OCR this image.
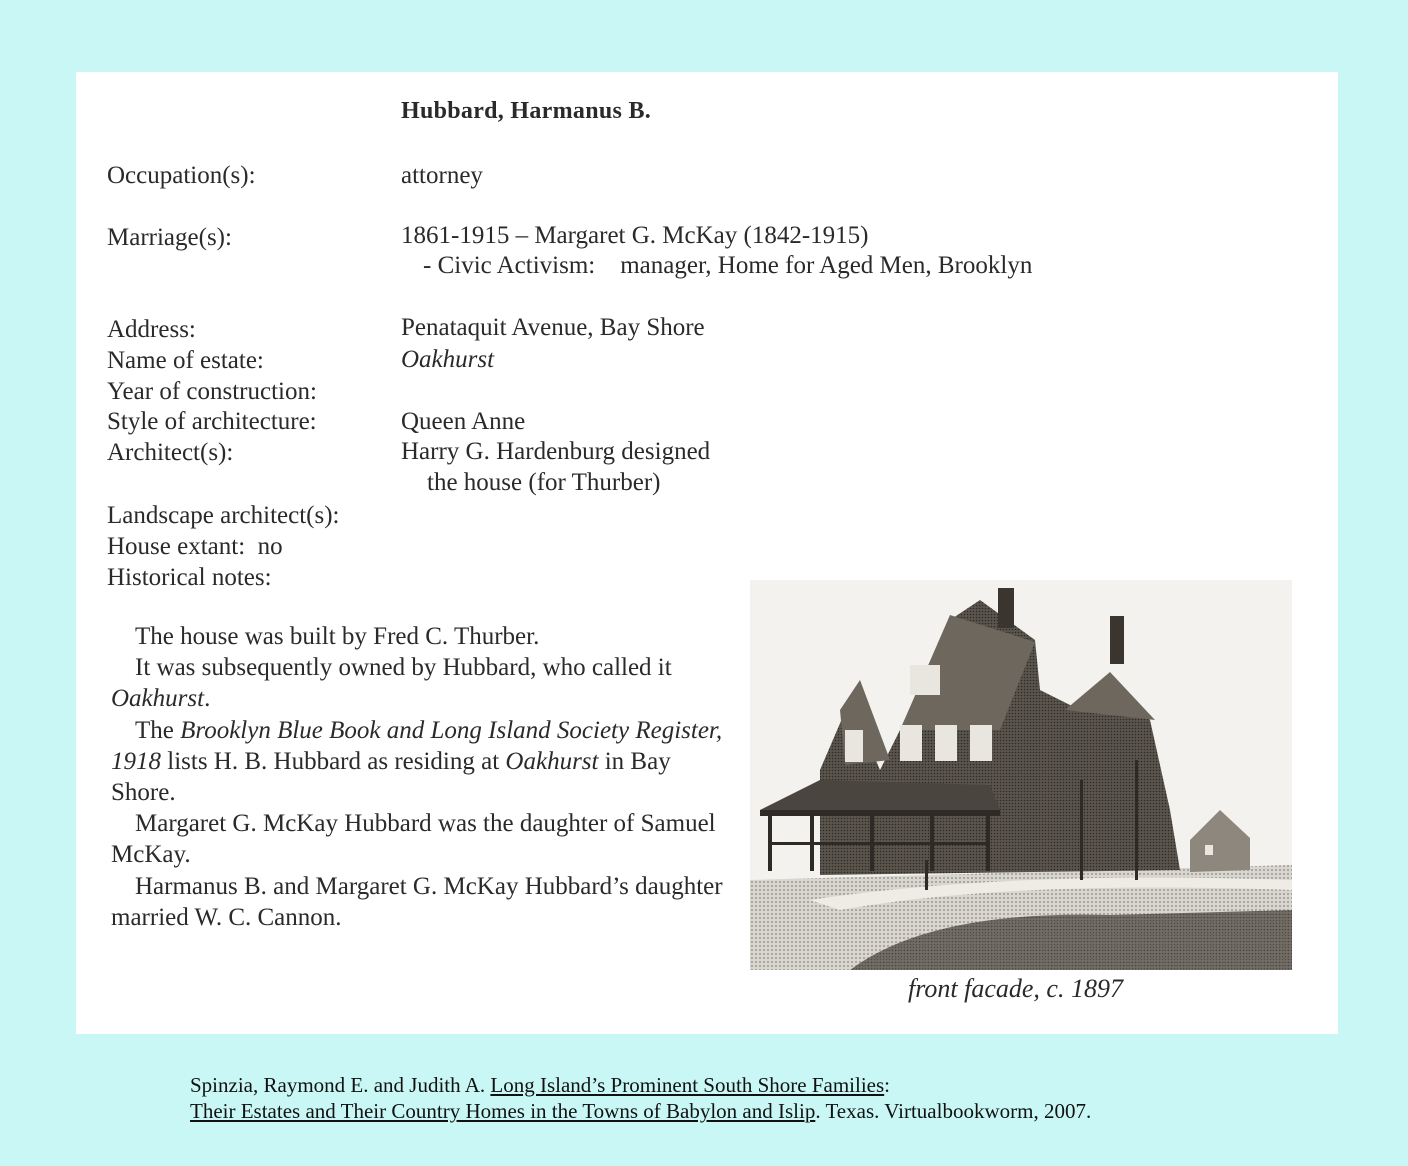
Hubbard, Harmanus B.
Occupation(s):	attorney
Marriage(s):	1861-1915 – Margaret G. McKay (1842-1915)
- Civic Activism: manager, Home for Aged Men, Brooklyn
Address:	Penataquit Avenue, Bay Shore
Name of estate:	Oakhurst
Year of construction:
Style of architecture:	Queen Anne
Architect(s):	Harry G. Hardenburg designed
the house (for Thurber)
Landscape architect(s):
House extant: no
Historical notes:

The house was built by Fred C. Thurber.

It was subsequently owned by Hubbard, who called it Oakhurst.

The Brooklyn Blue Book and Long Island Society Register, 1918 lists H. B. Hubbard as residing at Oakhurst in Bay Shore.

Margaret G. McKay Hubbard was the daughter of Samuel McKay.

Harmanus B. and Margaret G. McKay Hubbard’s daughter married W. C. Cannon.

front facade, c. 1897
Spinzia, Raymond E. and Judith A. Long Island’s Prominent South Shore Families:
Their Estates and Their Country Homes in the Towns of Babylon and Islip. Texas. Virtualbookworm, 2007.
